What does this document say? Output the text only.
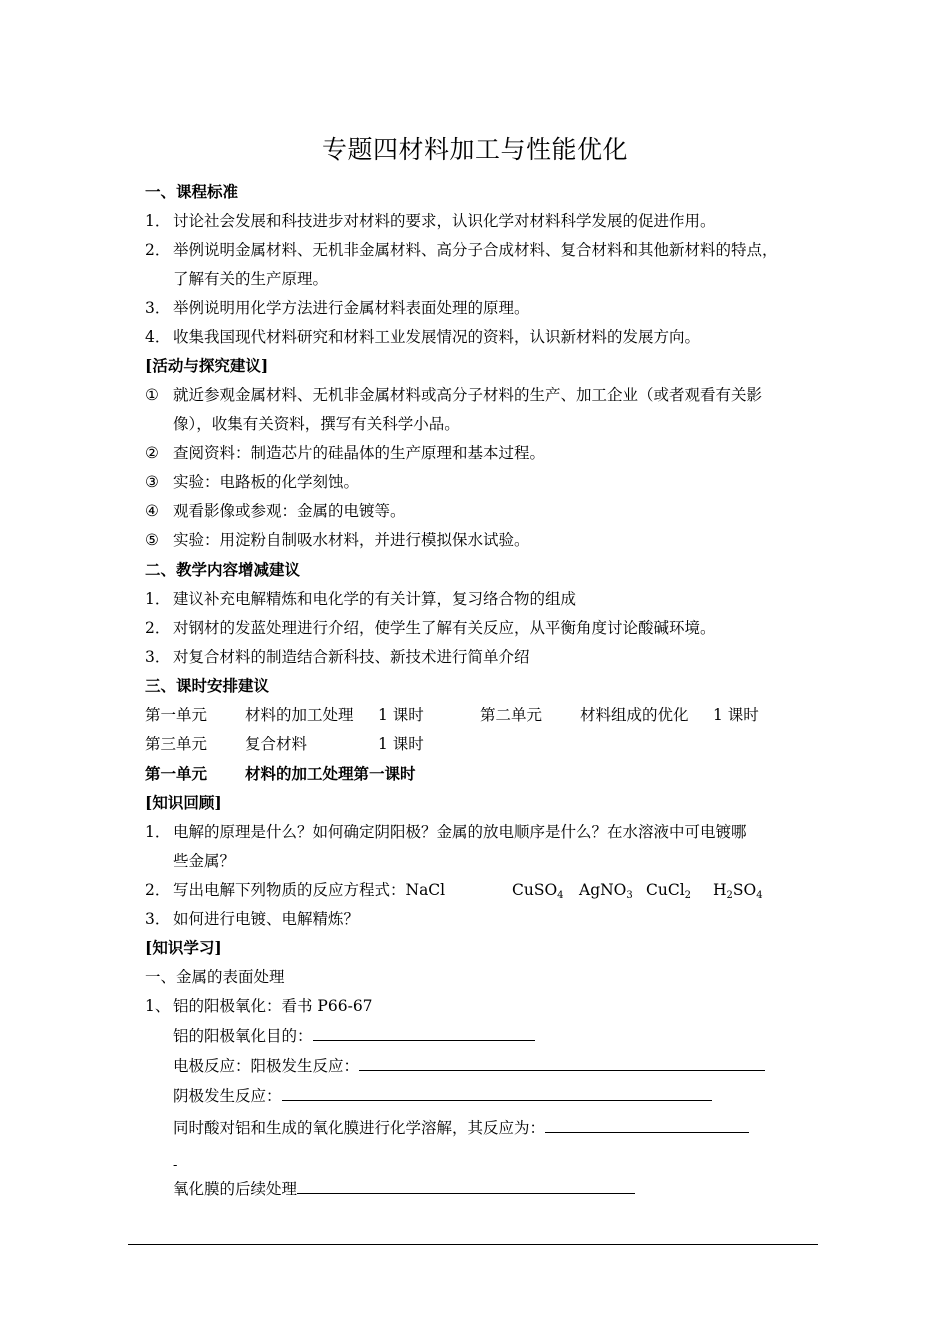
专题四材料加工与性能优化
一、课程标准
1． 讨论社会发展和科技进步对材料的要求，认识化学对材料科学发展的促进作用。
2． 举例说明金属材料、无机非金属材料、高分子合成材料、复合材料和其他新材料的特点，
了解有关的生产原理。
3． 举例说明用化学方法进行金属材料表面处理的原理。
4． 收集我国现代材料研究和材料工业发展情况的资料，认识新材料的发展方向。
[活动与探究建议]
① 就近参观金属材料、无机非金属材料或高分子材料的生产、加工企业（或者观看有关影
像），收集有关资料，撰写有关科学小品。
② 查阅资料：制造芯片的硅晶体的生产原理和基本过程。
③ 实验：电路板的化学刻蚀。
④ 观看影像或参观：金属的电镀等。
⑤ 实验：用淀粉自制吸水材料，并进行模拟保水试验。
二、教学内容增减建议
1． 建议补充电解精炼和电化学的有关计算，复习络合物的组成
2． 对钢材的发蓝处理进行介绍，使学生了解有关反应，从平衡角度讨论酸碱环境。
3． 对复合材料的制造结合新科技、新技术进行简单介绍
三、课时安排建议
第一单元 材料的加工处理 1 课时	第二单元 材料组成的优化 1 课时
第三单元 复合材料	1 课时
第一单元 材料的加工处理第一课时
[知识回顾]
1． 电解的原理是什么？如何确定阴阳极？金属的放电顺序是什么？在水溶液中可电镀哪
些金属？
2． 写出电解下列物质的反应方程式：NaCl	CuSO$_4$ AgNO$_3$ CuCl$_2$ $H_2SO_4$
3． 如何进行电镀、电解精炼？
[知识学习]
一、金属的表面处理
1、 铝的阳极氧化：看书 P66-67
铝的阳极氧化目的：
电极反应：阳极发生反应：
阴极发生反应：
同时酸对铝和生成的氧化膜进行化学溶解，其反应为：
-
氧化膜的后续处理
